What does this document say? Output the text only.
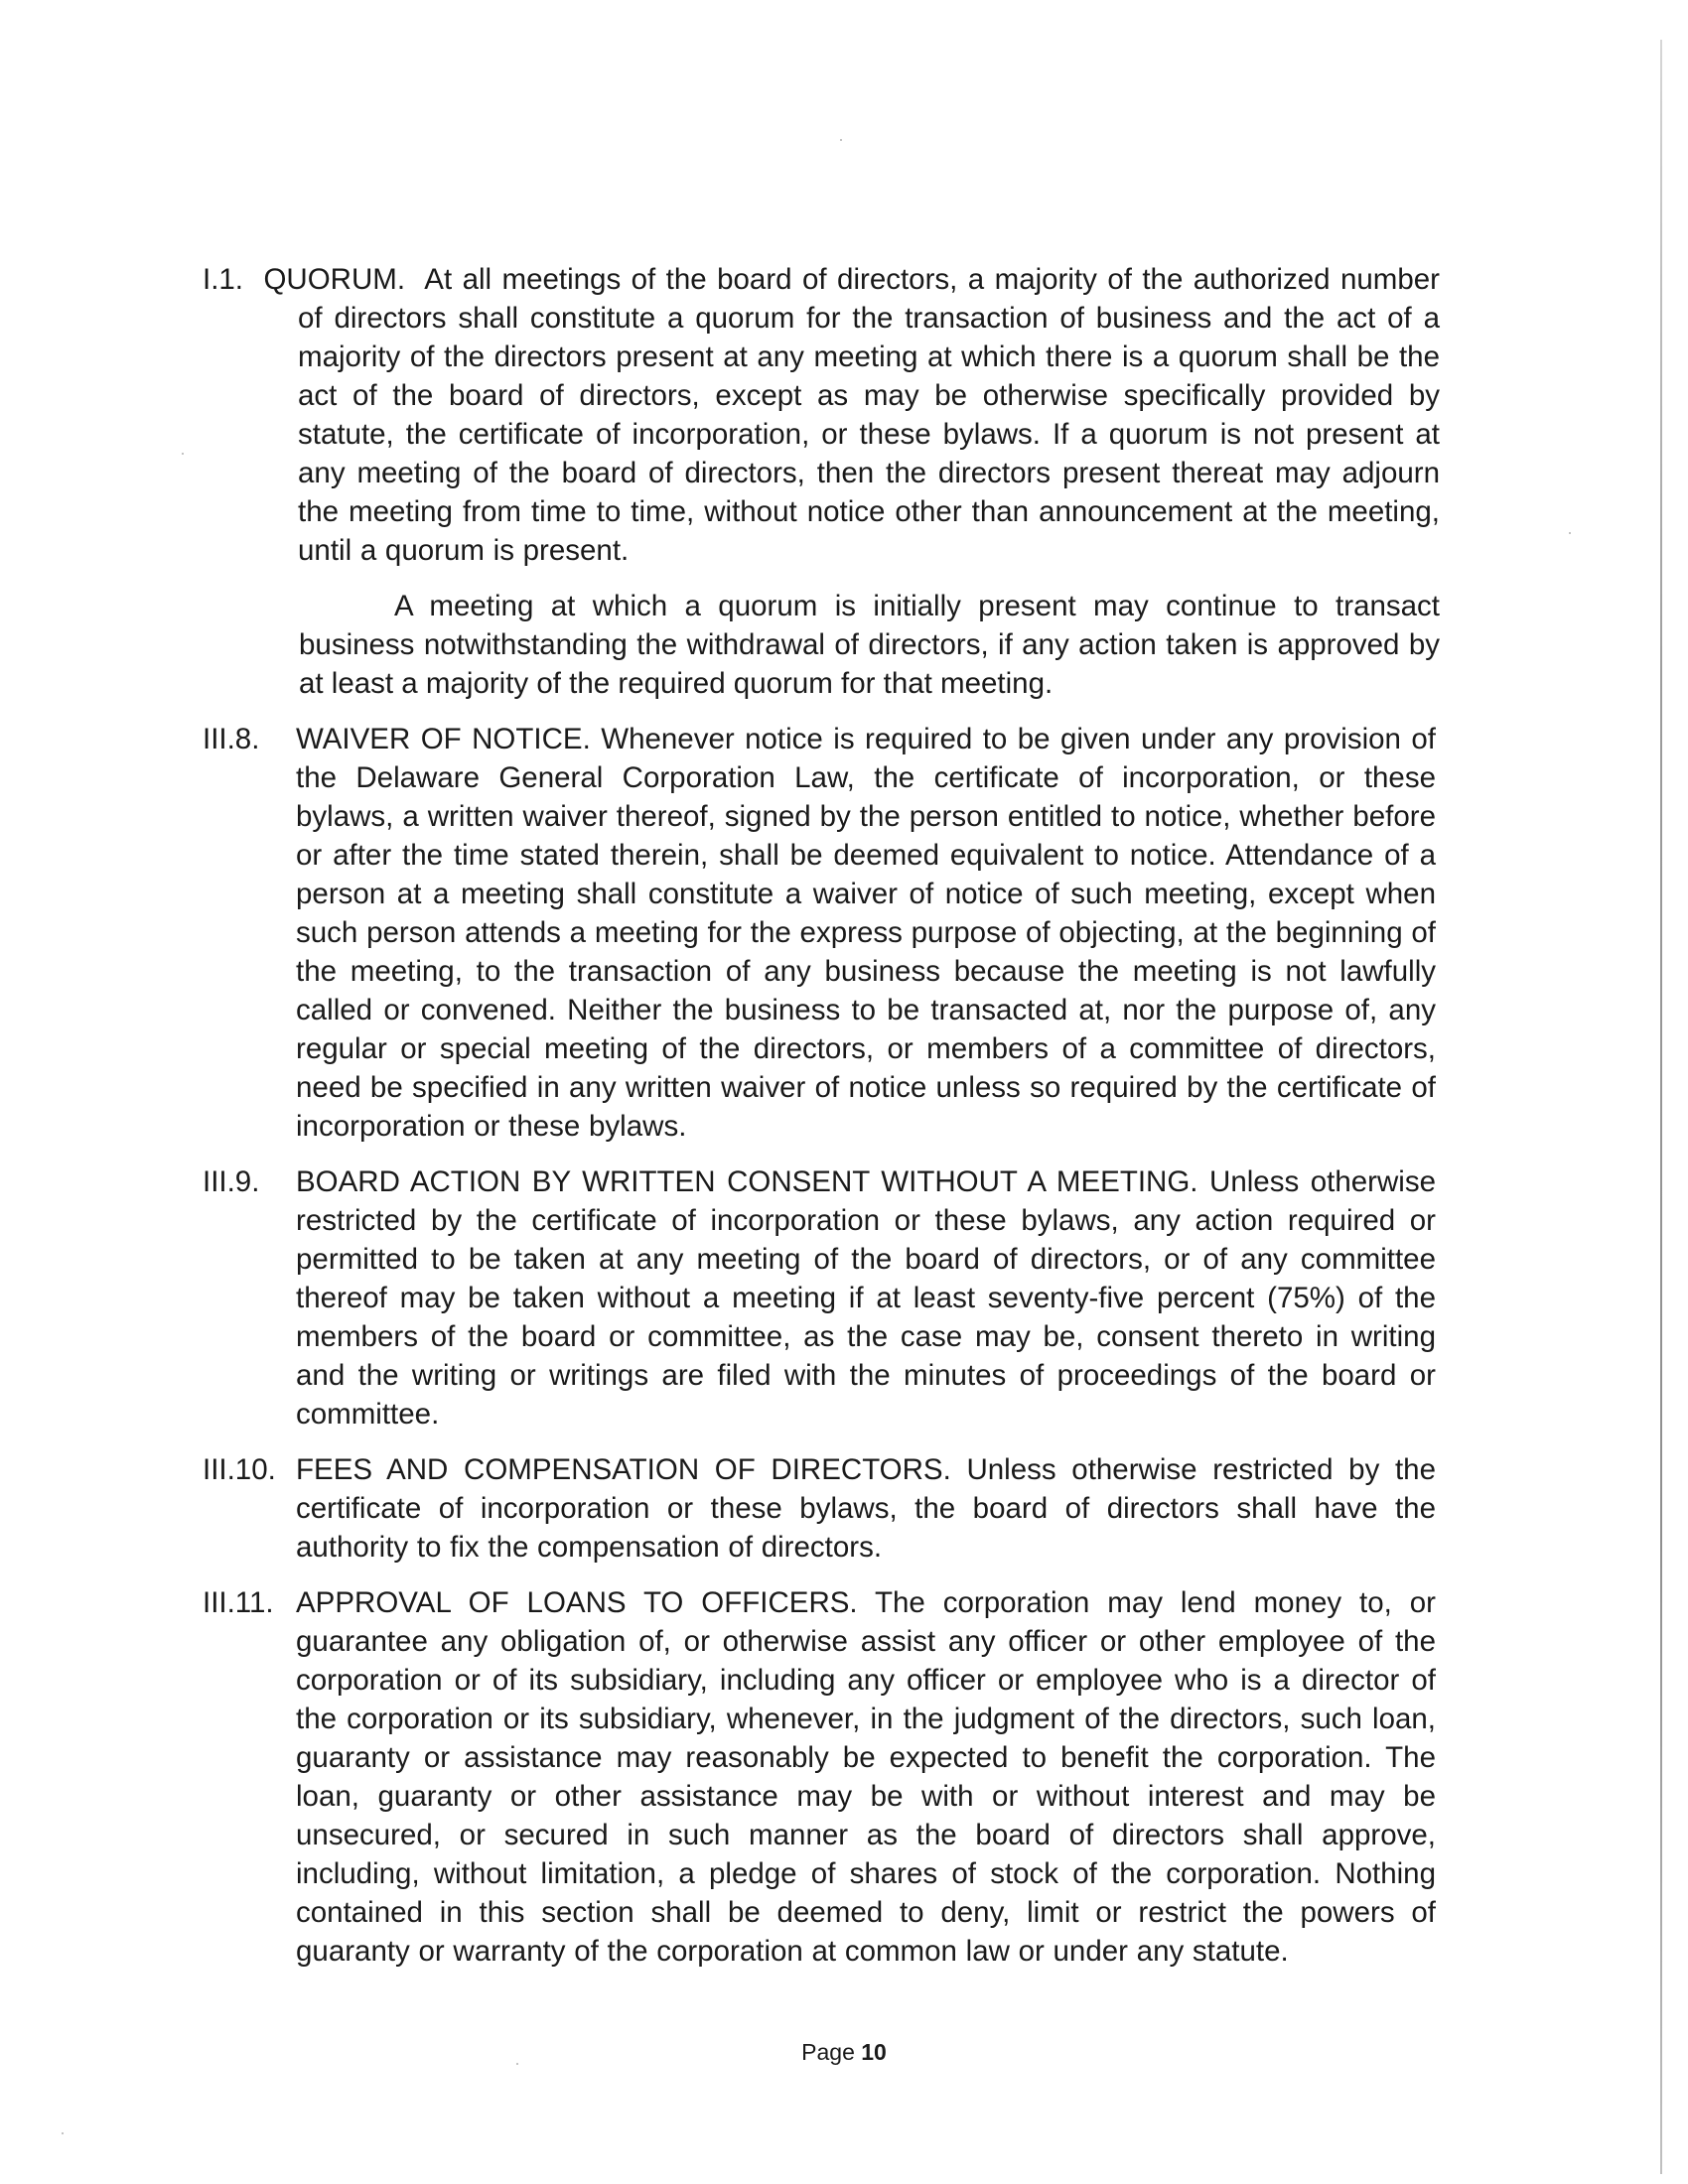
I.1. QUORUM. At all meetings of the board of directors, a majority of the authorized number of directors shall constitute a quorum for the transaction of business and the act of a majority of the directors present at any meeting at which there is a quorum shall be the act of the board of directors, except as may be otherwise specifically provided by statute, the certificate of incorporation, or these bylaws. If a quorum is not present at any meeting of the board of directors, then the directors present thereat may adjourn the meeting from time to time, without notice other than announcement at the meeting, until a quorum is present.
A meeting at which a quorum is initially present may continue to transact business notwithstanding the withdrawal of directors, if any action taken is approved by at least a majority of the required quorum for that meeting.
III.8. WAIVER OF NOTICE. Whenever notice is required to be given under any provision of the Delaware General Corporation Law, the certificate of incorporation, or these bylaws, a written waiver thereof, signed by the person entitled to notice, whether before or after the time stated therein, shall be deemed equivalent to notice. Attendance of a person at a meeting shall constitute a waiver of notice of such meeting, except when such person attends a meeting for the express purpose of objecting, at the beginning of the meeting, to the transaction of any business because the meeting is not lawfully called or convened. Neither the business to be transacted at, nor the purpose of, any regular or special meeting of the directors, or members of a committee of directors, need be specified in any written waiver of notice unless so required by the certificate of incorporation or these bylaws.
III.9. BOARD ACTION BY WRITTEN CONSENT WITHOUT A MEETING. Unless otherwise restricted by the certificate of incorporation or these bylaws, any action required or permitted to be taken at any meeting of the board of directors, or of any committee thereof may be taken without a meeting if at least seventy-five percent (75%) of the members of the board or committee, as the case may be, consent thereto in writing and the writing or writings are filed with the minutes of proceedings of the board or committee.
III.10. FEES AND COMPENSATION OF DIRECTORS. Unless otherwise restricted by the certificate of incorporation or these bylaws, the board of directors shall have the authority to fix the compensation of directors.
III.11. APPROVAL OF LOANS TO OFFICERS. The corporation may lend money to, or guarantee any obligation of, or otherwise assist any officer or other employee of the corporation or of its subsidiary, including any officer or employee who is a director of the corporation or its subsidiary, whenever, in the judgment of the directors, such loan, guaranty or assistance may reasonably be expected to benefit the corporation. The loan, guaranty or other assistance may be with or without interest and may be unsecured, or secured in such manner as the board of directors shall approve, including, without limitation, a pledge of shares of stock of the corporation. Nothing contained in this section shall be deemed to deny, limit or restrict the powers of guaranty or warranty of the corporation at common law or under any statute.
Page 10
